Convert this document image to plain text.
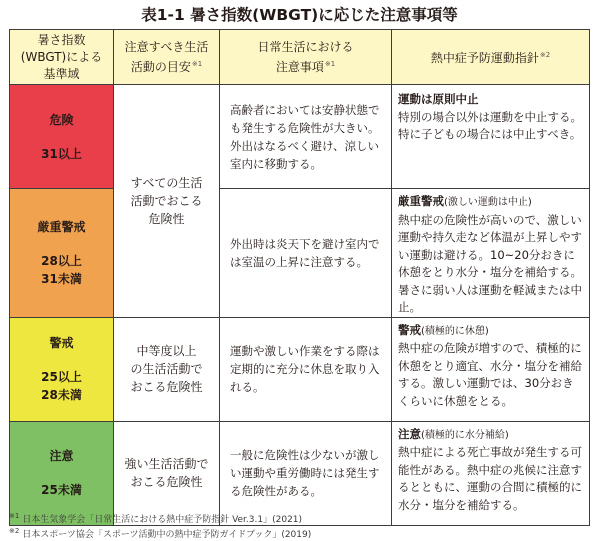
表1-1 暑さ指数(WBGT)に応じた注意事項等
暑さ指数
(WBGT)による
基準域	注意すべき生活
活動の目安$^{※1}$	日常生活における
注意事項$^{※1}$	熱中症予防運動指針$^{※2}$

危険
31以上	すべての生活
活動でおこる
危険性	高齢者においては安静状態でも発生する危険性が大きい。外出はなるべく避け、涼しい室内に移動する。	運動は原則中止
特別の場合以外は運動を中止する。特に子どもの場合には中止すべき。

厳重警戒
28以上
31未満		外出時は炎天下を避け室内では室温の上昇に注意する。	厳重警戒(激しい運動は中止)
熱中症の危険性が高いので、激しい運動や持久走など体温が上昇しやすい運動は避ける。10~20分おきに休憩をとり水分・塩分を補給する。暑さに弱い人は運動を軽減または中止。

警戒
25以上
28未満	中等度以上
の生活活動で
おこる危険性	運動や激しい作業をする際は定期的に充分に休息を取り入れる。	警戒(積極的に休憩)
熱中症の危険が増すので、積極的に休憩をとり適宜、水分・塩分を補給する。激しい運動では、30分おきくらいに休憩をとる。

注意
25未満	強い生活活動で
おこる危険性	一般に危険性は少ないが激しい運動や重労働時には発生する危険性がある。	注意(積極的に水分補給)
熱中症による死亡事故が発生する可能性がある。熱中症の兆候に注意するとともに、運動の合間に積極的に水分・塩分を補給する。
$^{※1}$ 日本生気象学会「日常生活における熱中症予防指針 Ver.3.1」(2021)
$^{※2}$ 日本スポーツ協会「スポーツ活動中の熱中症予防ガイドブック」(2019)
